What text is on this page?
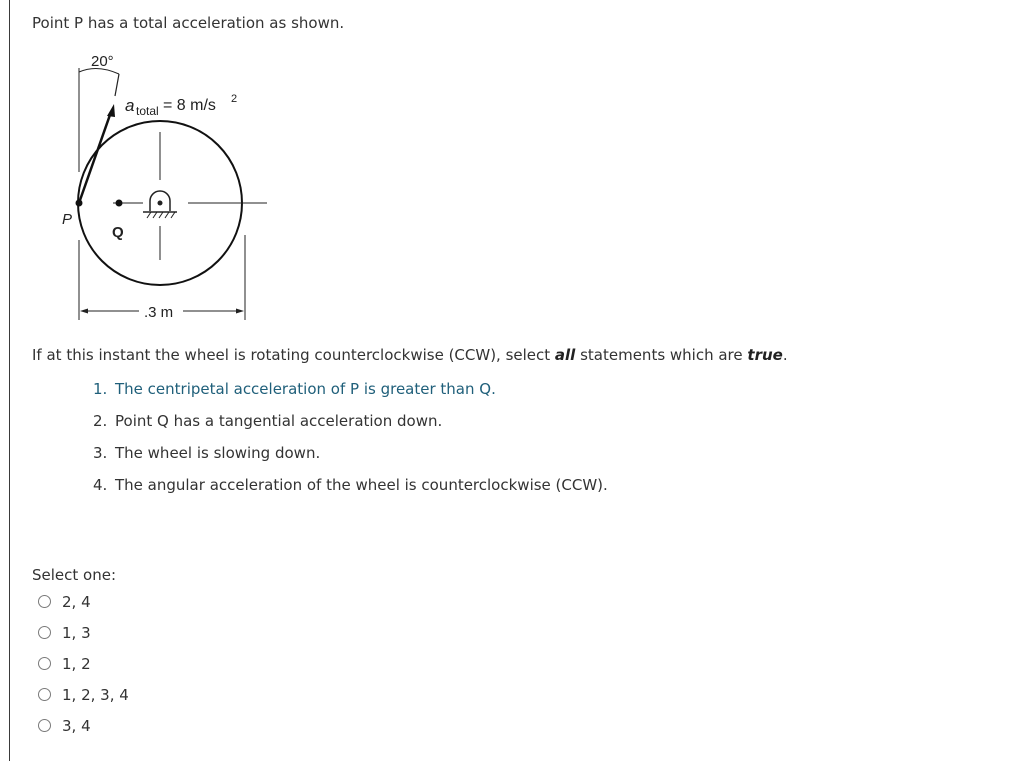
Point P has a total acceleration as shown.
20°
a total = 8 m/s 2
P
Q
.3 m
If at this instant the wheel is rotating counterclockwise (CCW), select all statements which are true.
1. The centripetal acceleration of P is greater than Q.
2. Point Q has a tangential acceleration down.
3. The wheel is slowing down.
4. The angular acceleration of the wheel is counterclockwise (CCW).
Select one:
2, 4
1, 3
1, 2
1, 2, 3, 4
3, 4
